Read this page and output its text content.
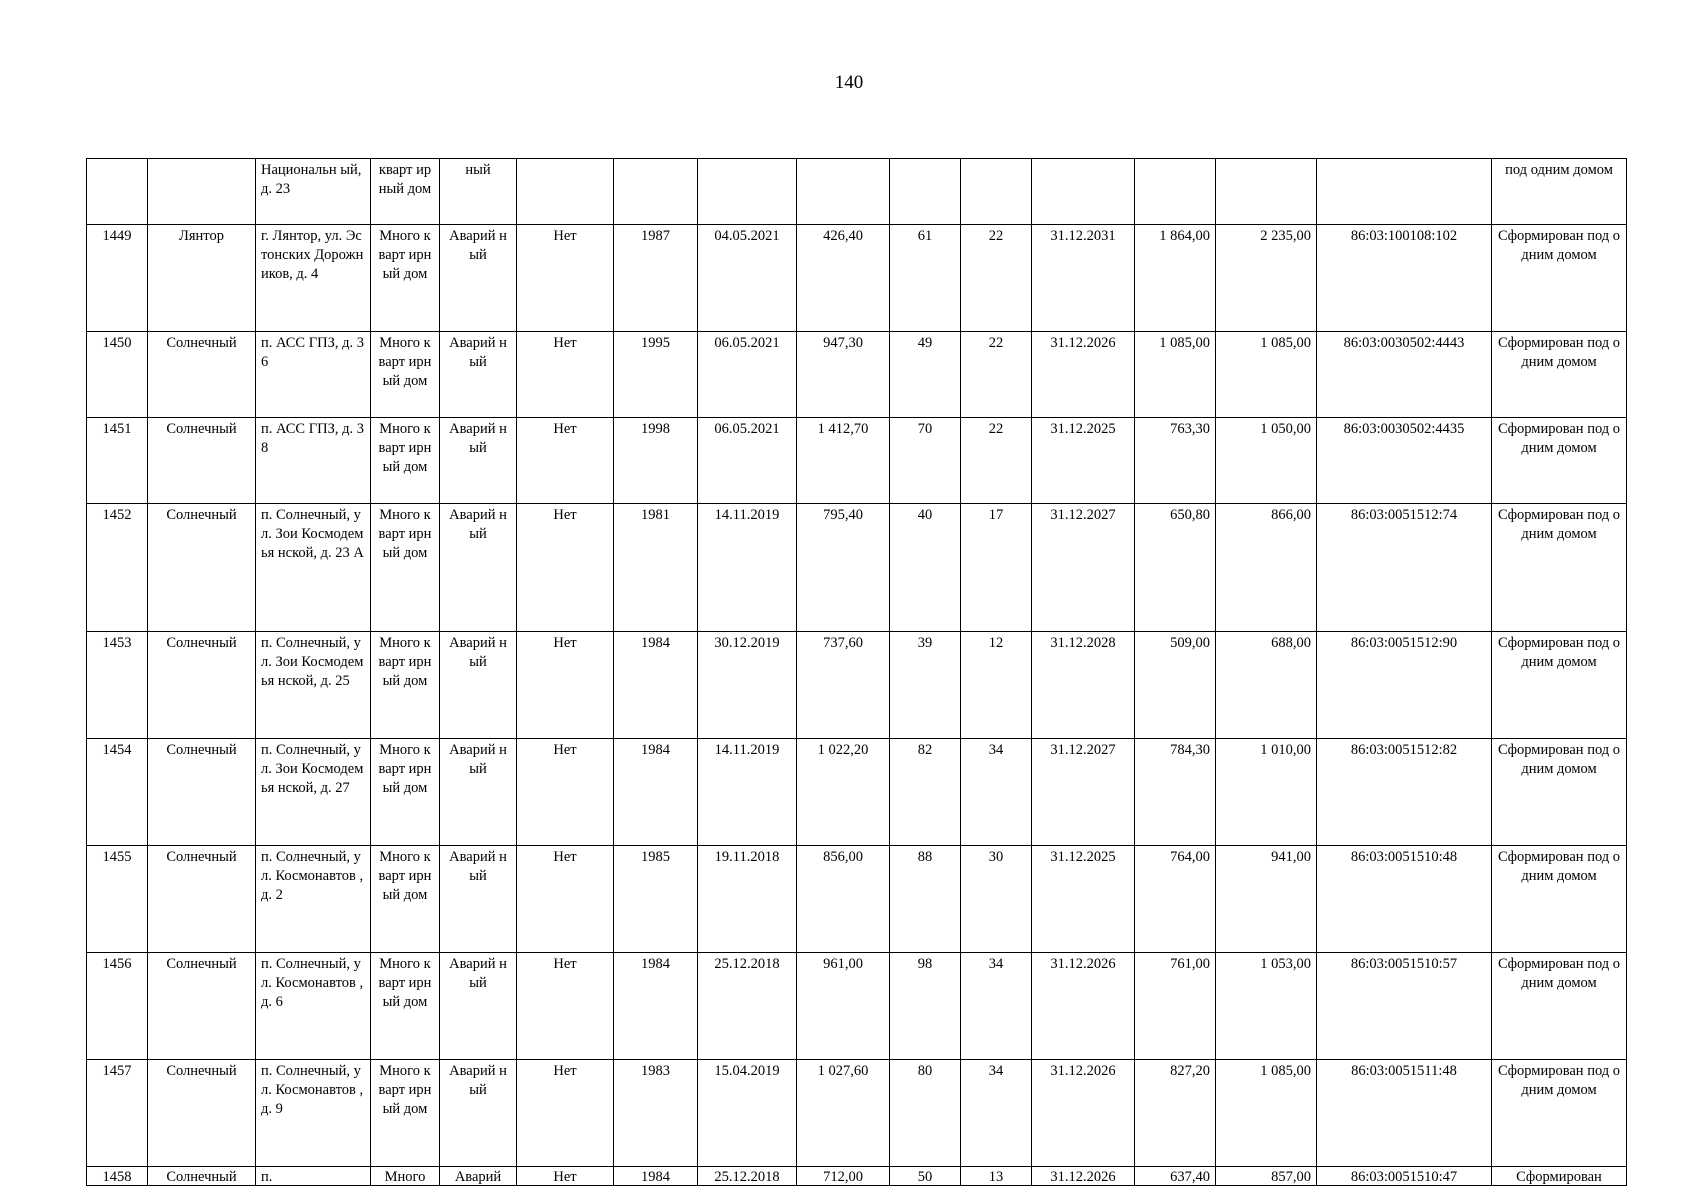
140
		Национальн ый, д. 23	кварт ирный дом	ный											под одним домом
1449	Лянтор	г. Лянтор, ул. Эстонских Дорожников, д. 4	Много кварт ирный дом	Аварий ный	Нет	1987	04.05.2021	426,40	61	22	31.12.2031	1 864,00	2 235,00	86:03:100108:102	Сформирован под одним домом
1450	Солнечный	п. АСС ГПЗ, д. 36	Много кварт ирный дом	Аварий ный	Нет	1995	06.05.2021	947,30	49	22	31.12.2026	1 085,00	1 085,00	86:03:0030502:4443	Сформирован под одним домом
1451	Солнечный	п. АСС ГПЗ, д. 38	Много кварт ирный дом	Аварий ный	Нет	1998	06.05.2021	1 412,70	70	22	31.12.2025	763,30	1 050,00	86:03:0030502:4435	Сформирован под одним домом
1452	Солнечный	п. Солнечный, ул. Зои Космодемья нской, д. 23 А	Много кварт ирный дом	Аварий ный	Нет	1981	14.11.2019	795,40	40	17	31.12.2027	650,80	866,00	86:03:0051512:74	Сформирован под одним домом
1453	Солнечный	п. Солнечный, ул. Зои Космодемья нской, д. 25	Много кварт ирный дом	Аварий ный	Нет	1984	30.12.2019	737,60	39	12	31.12.2028	509,00	688,00	86:03:0051512:90	Сформирован под одним домом
1454	Солнечный	п. Солнечный, ул. Зои Космодемья нской, д. 27	Много кварт ирный дом	Аварий ный	Нет	1984	14.11.2019	1 022,20	82	34	31.12.2027	784,30	1 010,00	86:03:0051512:82	Сформирован под одним домом
1455	Солнечный	п. Солнечный, ул. Космонавтов , д. 2	Много кварт ирный дом	Аварий ный	Нет	1985	19.11.2018	856,00	88	30	31.12.2025	764,00	941,00	86:03:0051510:48	Сформирован под одним домом
1456	Солнечный	п. Солнечный, ул. Космонавтов , д. 6	Много кварт ирный дом	Аварий ный	Нет	1984	25.12.2018	961,00	98	34	31.12.2026	761,00	1 053,00	86:03:0051510:57	Сформирован под одним домом
1457	Солнечный	п. Солнечный, ул. Космонавтов , д. 9	Много кварт ирный дом	Аварий ный	Нет	1983	15.04.2019	1 027,60	80	34	31.12.2026	827,20	1 085,00	86:03:0051511:48	Сформирован под одним домом
1458	Солнечный	п.	Много	Аварий	Нет	1984	25.12.2018	712,00	50	13	31.12.2026	637,40	857,00	86:03:0051510:47	Сформирован
